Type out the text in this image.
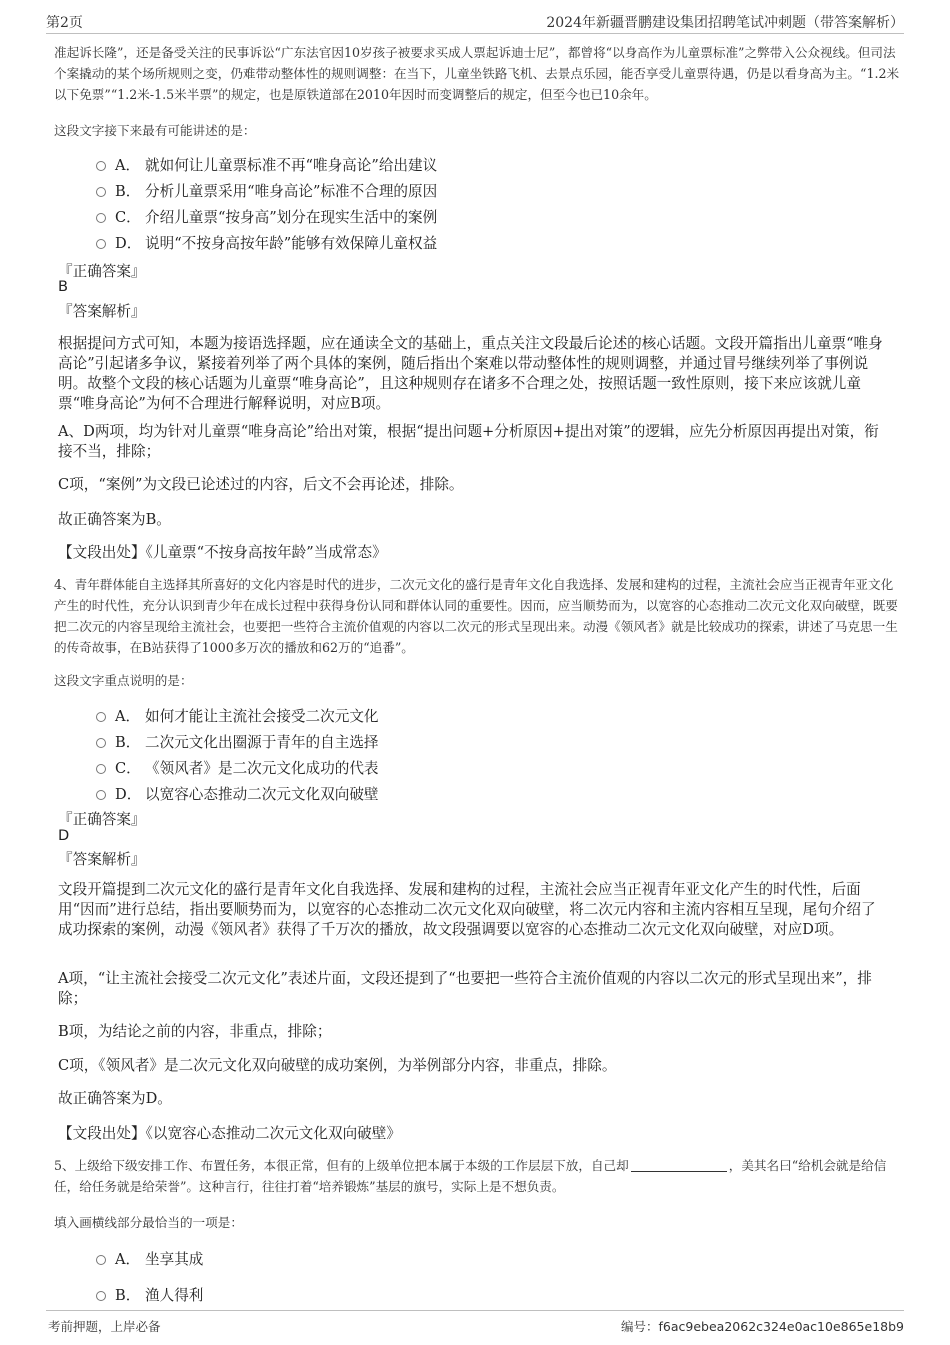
第2页	2024年新疆晋鹏建设集团招聘笔试冲刺题（带答案解析）
准起诉长隆”，还是备受关注的民事诉讼“广东法官因10岁孩子被要求买成人票起诉迪士尼”，都曾将“以身高作为儿童票标准”之弊带入公众视线。但司法个案撬动的某个场所规则之变，仍难带动整体性的规则调整：在当下，儿童坐铁路飞机、去景点乐园，能否享受儿童票待遇，仍是以看身高为主。“1.2米以下免票”“1.2米-1.5米半票”的规定，也是原铁道部在2010年因时而变调整后的规定，但至今也已10余年。
这段文字接下来最有可能讲述的是：
A． 就如何让儿童票标准不再“唯身高论”给出建议
B． 分析儿童票采用“唯身高论”标准不合理的原因
C． 介绍儿童票“按身高”划分在现实生活中的案例
D． 说明“不按身高按年龄”能够有效保障儿童权益
『正确答案』
B
『答案解析』
根据提问方式可知，本题为接语选择题，应在通读全文的基础上，重点关注文段最后论述的核心话题。文段开篇指出儿童票“唯身高论”引起诸多争议，紧接着列举了两个具体的案例，随后指出个案难以带动整体性的规则调整，并通过冒号继续列举了事例说明。故整个文段的核心话题为儿童票“唯身高论”，且这种规则存在诸多不合理之处，按照话题一致性原则，接下来应该就儿童票“唯身高论”为何不合理进行解释说明，对应B项。
A、D两项，均为针对儿童票“唯身高论”给出对策，根据“提出问题+分析原因+提出对策”的逻辑，应先分析原因再提出对策，衔接不当，排除；
C项，“案例”为文段已论述过的内容，后文不会再论述，排除。
故正确答案为B。
【文段出处】《儿童票“不按身高按年龄”当成常态》
4、青年群体能自主选择其所喜好的文化内容是时代的进步，二次元文化的盛行是青年文化自我选择、发展和建构的过程，主流社会应当正视青年亚文化产生的时代性，充分认识到青少年在成长过程中获得身份认同和群体认同的重要性。因而，应当顺势而为，以宽容的心态推动二次元文化双向破壁，既要把二次元的内容呈现给主流社会，也要把一些符合主流价值观的内容以二次元的形式呈现出来。动漫《领风者》就是比较成功的探索，讲述了马克思一生的传奇故事，在B站获得了1000多万次的播放和62万的“追番”。
这段文字重点说明的是：
A． 如何才能让主流社会接受二次元文化
B． 二次元文化出圈源于青年的自主选择
C． 《领风者》是二次元文化成功的代表
D． 以宽容心态推动二次元文化双向破壁
『正确答案』
D
『答案解析』
文段开篇提到二次元文化的盛行是青年文化自我选择、发展和建构的过程，主流社会应当正视青年亚文化产生的时代性，后面用“因而”进行总结，指出要顺势而为，以宽容的心态推动二次元文化双向破壁，将二次元内容和主流内容相互呈现，尾句介绍了成功探索的案例，动漫《领风者》获得了千万次的播放，故文段强调要以宽容的心态推动二次元文化双向破壁，对应D项。
A项，“让主流社会接受二次元文化”表述片面，文段还提到了“也要把一些符合主流价值观的内容以二次元的形式呈现出来”，排除；
B项，为结论之前的内容，非重点，排除；
C项，《领风者》是二次元文化双向破壁的成功案例，为举例部分内容，非重点，排除。
故正确答案为D。
【文段出处】《以宽容心态推动二次元文化双向破壁》
5、上级给下级安排工作、布置任务，本很正常，但有的上级单位把本属于本级的工作层层下放，自己却	，美其名曰“给机会就是给信任，给任务就是给荣誉”。这种言行，往往打着“培养锻炼”基层的旗号，实际上是不想负责。
填入画横线部分最恰当的一项是：
A． 坐享其成
B． 渔人得利
考前押题，上岸必备	编号：f6ac9ebea2062c324e0ac10e865e18b9
